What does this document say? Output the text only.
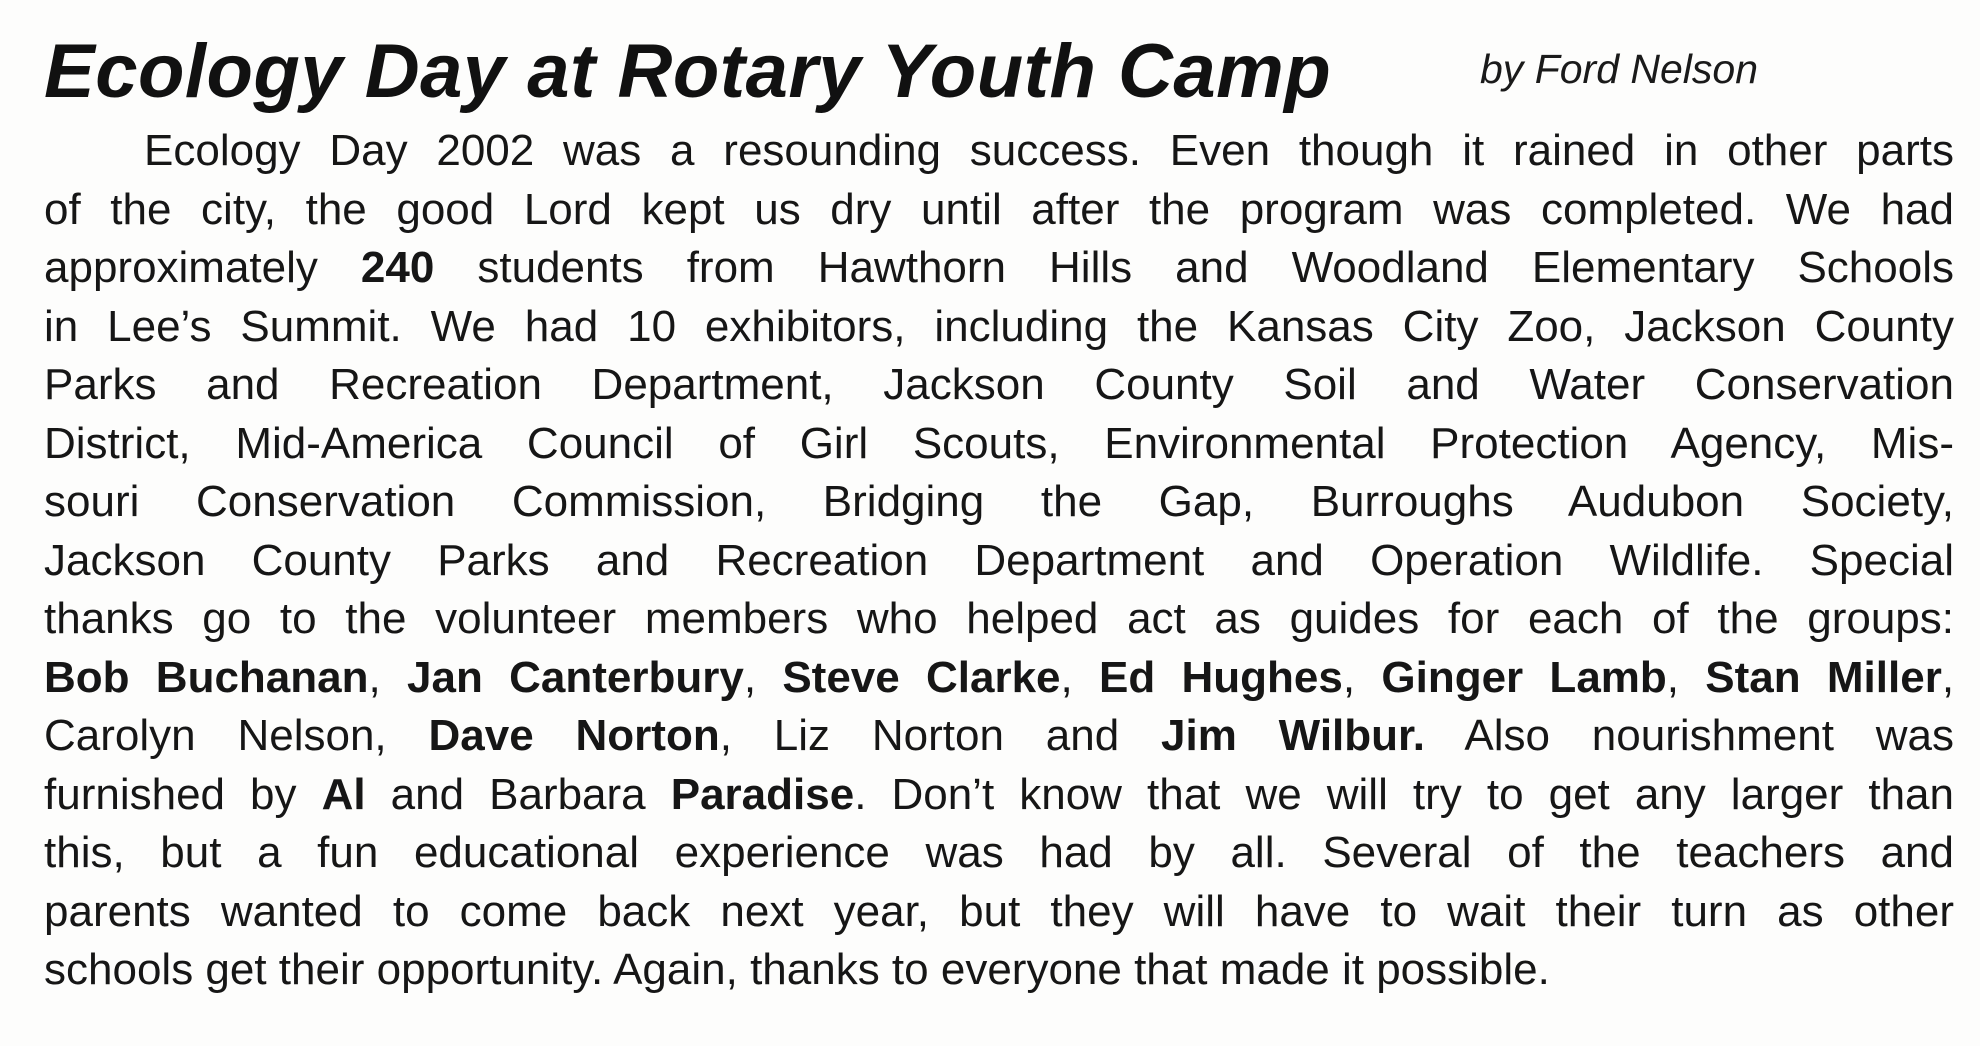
Ecology Day at Rotary Youth Camp	by Ford Nelson
Ecology Day 2002 was a resounding success. Even though it rained in other parts
of the city, the good Lord kept us dry until after the program was completed. We had
approximately 240 students from Hawthorn Hills and Woodland Elementary Schools
in Lee’s Summit. We had 10 exhibitors, including the Kansas City Zoo, Jackson County
Parks and Recreation Department, Jackson County Soil and Water Conservation
District, Mid-America Council of Girl Scouts, Environmental Protection Agency, Mis-
souri Conservation Commission, Bridging the Gap, Burroughs Audubon Society,
Jackson County Parks and Recreation Department and Operation Wildlife. Special
thanks go to the volunteer members who helped act as guides for each of the groups:
Bob Buchanan, Jan Canterbury, Steve Clarke, Ed Hughes, Ginger Lamb, Stan Miller,
Carolyn Nelson, Dave Norton, Liz Norton and Jim Wilbur. Also nourishment was
furnished by Al and Barbara Paradise. Don’t know that we will try to get any larger than
this, but a fun educational experience was had by all. Several of the teachers and
parents wanted to come back next year, but they will have to wait their turn as other
schools get their opportunity. Again, thanks to everyone that made it possible.
